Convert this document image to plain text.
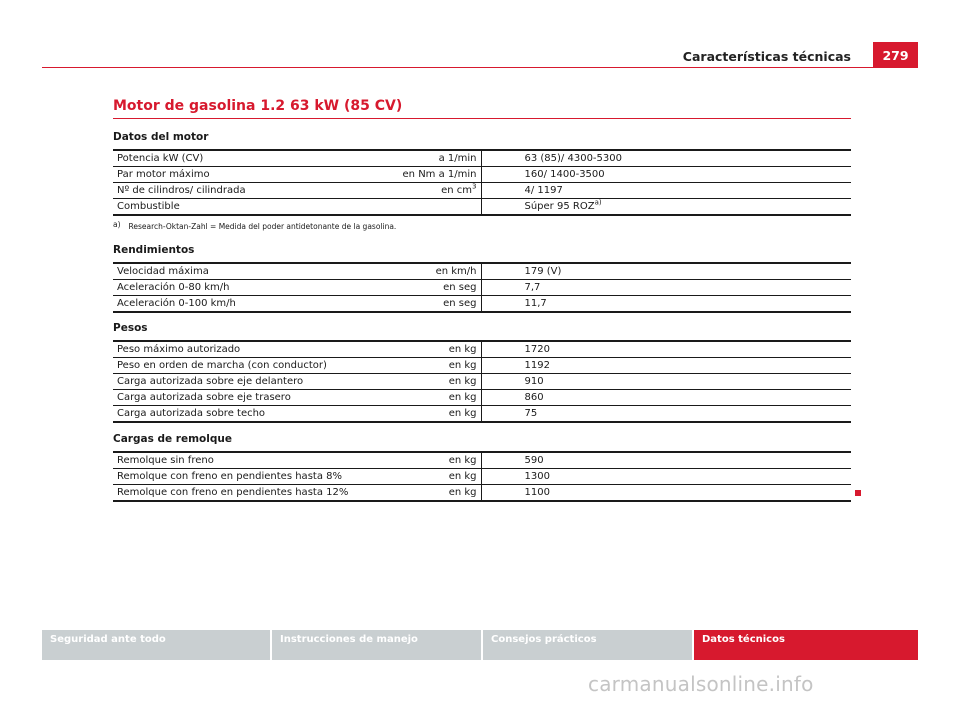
Características técnicas	279
Motor de gasolina 1.2 63 kW (85 CV)
Datos del motor
Potencia kW (CV)	a 1/min	63 (85)/ 4300-5300
Par motor máximo	en Nm a 1/min	160/ 1400-3500
Nº de cilindros/ cilindrada	en $cm^3$	4/ 1197
Combustible		Súper 95 ROZ$^{a)}$
a) Research-Oktan-Zahl = Medida del poder antidetonante de la gasolina.
Rendimientos
Velocidad máxima	en km/h	179 (V)
Aceleración 0-80 km/h	en seg	7,7
Aceleración 0-100 km/h	en seg	11,7
Pesos
Peso máximo autorizado	en kg	1720
Peso en orden de marcha (con conductor)	en kg	1192
Carga autorizada sobre eje delantero	en kg	910
Carga autorizada sobre eje trasero	en kg	860
Carga autorizada sobre techo	en kg	75
Cargas de remolque
Remolque sin freno	en kg	590
Remolque con freno en pendientes hasta 8%	en kg	1300
Remolque con freno en pendientes hasta 12%	en kg	1100
Seguridad ante todo	Instrucciones de manejo	Consejos prácticos	Datos técnicos
carmanualsonline.info
